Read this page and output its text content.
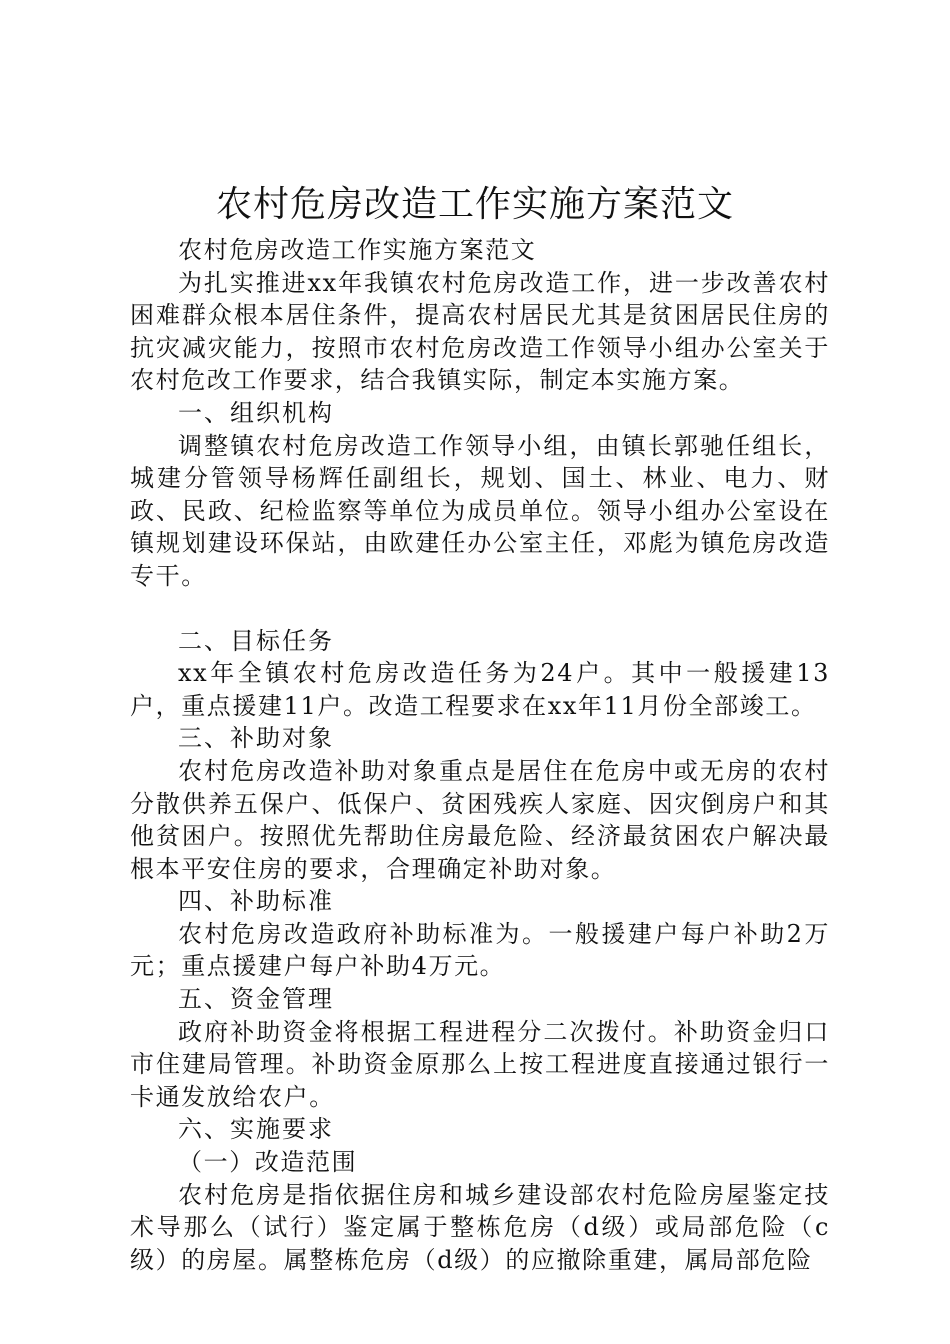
农村危房改造工作实施方案范文

农村危房改造工作实施方案范文

为扎实推进xx年我镇农村危房改造工作，进一步改善农村困难群众根本居住条件，提高农村居民尤其是贫困居民住房的抗灾减灾能力，按照市农村危房改造工作领导小组办公室关于农村危改工作要求，结合我镇实际，制定本实施方案。

一、组织机构

调整镇农村危房改造工作领导小组，由镇长郭驰任组长，城建分管领导杨辉任副组长，规划、国土、林业、电力、财政、民政、纪检监察等单位为成员单位。领导小组办公室设在镇规划建设环保站，由欧建任办公室主任，邓彪为镇危房改造专干。

二、目标任务

xx年全镇农村危房改造任务为24户。其中一般援建13户，重点援建11户。改造工程要求在xx年11月份全部竣工。

三、补助对象

农村危房改造补助对象重点是居住在危房中或无房的农村分散供养五保户、低保户、贫困残疾人家庭、因灾倒房户和其他贫困户。按照优先帮助住房最危险、经济最贫困农户解决最根本平安住房的要求，合理确定补助对象。

四、补助标准

农村危房改造政府补助标准为。一般援建户每户补助2万元；重点援建户每户补助4万元。

五、资金管理

政府补助资金将根据工程进程分二次拨付。补助资金归口市住建局管理。补助资金原那么上按工程进度直接通过银行一卡通发放给农户。

六、实施要求

（一）改造范围

农村危房是指依据住房和城乡建设部农村危险房屋鉴定技术导那么（试行）鉴定属于整栋危房（d级）或局部危险（c级）的房屋。属整栋危房（d级）的应撤除重建，属局部危险
